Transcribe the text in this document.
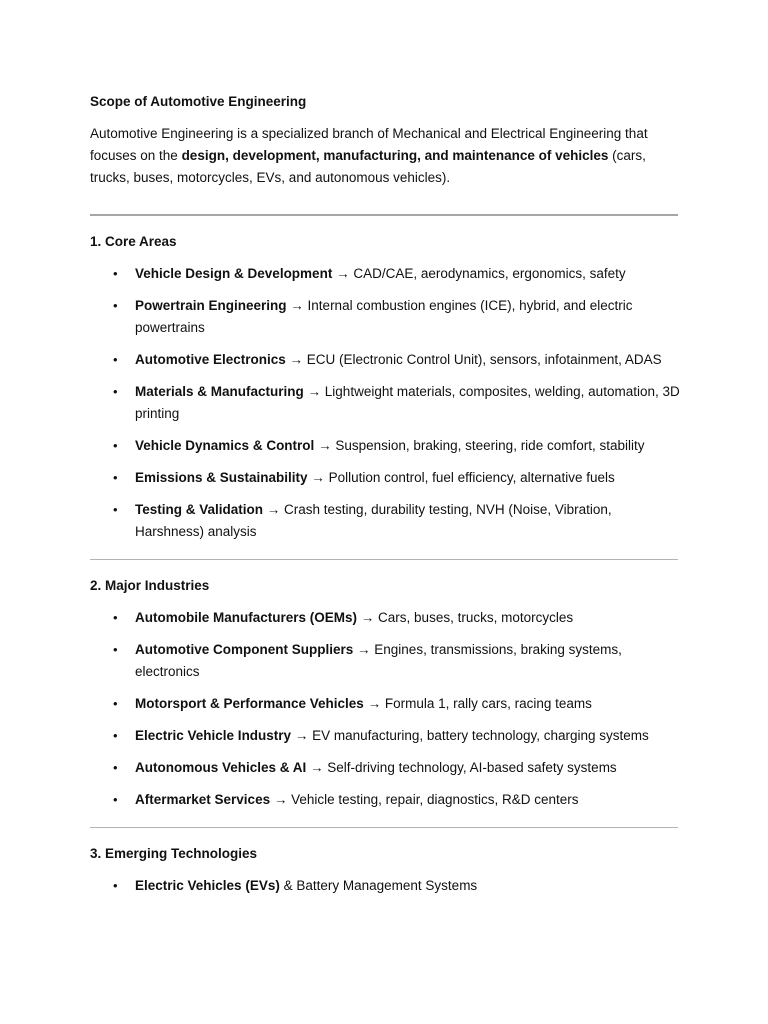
Scope of Automotive Engineering

Automotive Engineering is a specialized branch of Mechanical and Electrical Engineering that focuses on the design, development, manufacturing, and maintenance of vehicles (cars, trucks, buses, motorcycles, EVs, and autonomous vehicles).

1. Core Areas

• Vehicle Design & Development → CAD/CAE, aerodynamics, ergonomics, safety
• Powertrain Engineering → Internal combustion engines (ICE), hybrid, and electric powertrains
• Automotive Electronics → ECU (Electronic Control Unit), sensors, infotainment, ADAS
• Materials & Manufacturing → Lightweight materials, composites, welding, automation, 3D printing
• Vehicle Dynamics & Control → Suspension, braking, steering, ride comfort, stability
• Emissions & Sustainability → Pollution control, fuel efficiency, alternative fuels
• Testing & Validation → Crash testing, durability testing, NVH (Noise, Vibration, Harshness) analysis

2. Major Industries

• Automobile Manufacturers (OEMs) → Cars, buses, trucks, motorcycles
• Automotive Component Suppliers → Engines, transmissions, braking systems, electronics
• Motorsport & Performance Vehicles → Formula 1, rally cars, racing teams
• Electric Vehicle Industry → EV manufacturing, battery technology, charging systems
• Autonomous Vehicles & AI → Self-driving technology, AI-based safety systems
• Aftermarket Services → Vehicle testing, repair, diagnostics, R&D centers

3. Emerging Technologies

• Electric Vehicles (EVs) & Battery Management Systems
